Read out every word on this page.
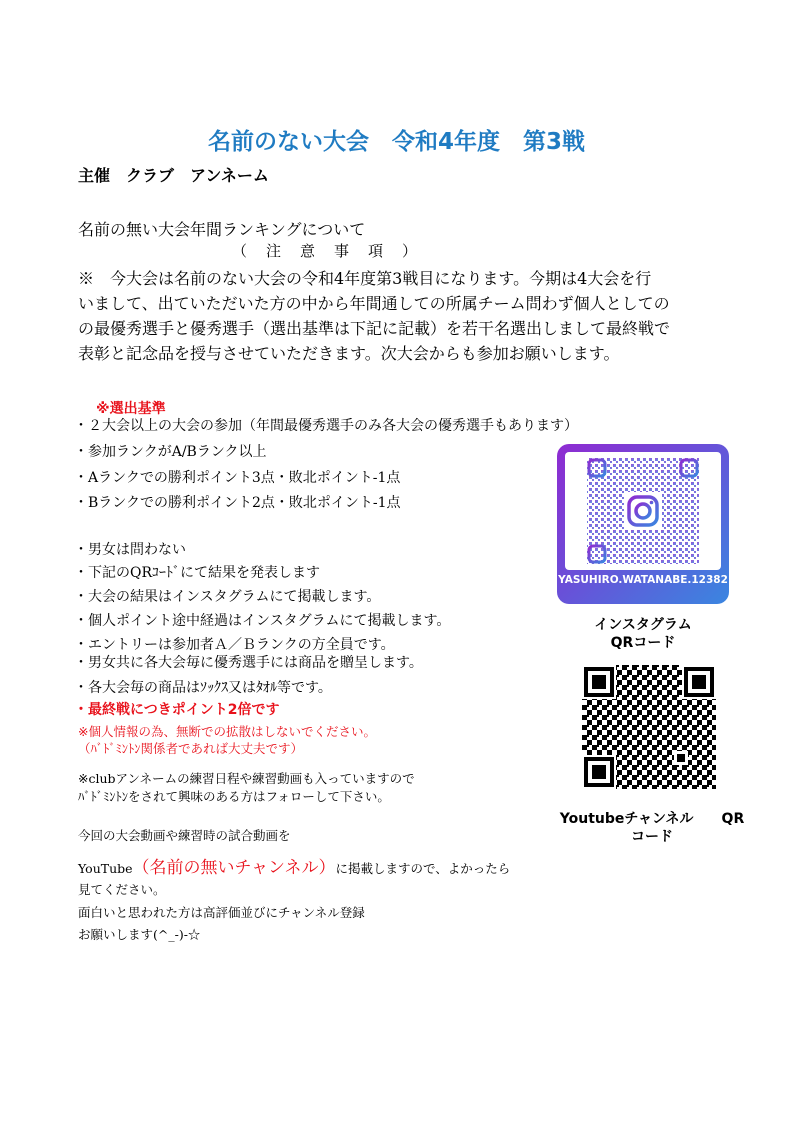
名前のない大会　令和4年度　第3戦
主催　クラブ　アンネーム
名前の無い大会年間ランキングについて
（　注　意　事　項　）
※　今大会は名前のない大会の令和4年度第3戦目になります。今期は4大会を行
いまして、出ていただいた方の中から年間通しての所属チーム問わず個人としての
の最優秀選手と優秀選手（選出基準は下記に記載）を若干名選出しまして最終戦で
表彰と記念品を授与させていただきます。次大会からも参加お願いします。
※選出基準
・２大会以上の大会の参加（年間最優秀選手のみ各大会の優秀選手もあります）
・参加ランクがA/Bランク以上
・Aランクでの勝利ポイント3点・敗北ポイント-1点
・Bランクでの勝利ポイント2点・敗北ポイント-1点
・男女は問わない
・下記のQRｺｰﾄﾞにて結果を発表します
・大会の結果はインスタグラムにて掲載します。
・個人ポイント途中経過はインスタグラムにて掲載します。
・エントリーは参加者Ａ／Ｂランクの方全員です。
・男女共に各大会毎に優秀選手には商品を贈呈します。
・各大会毎の商品はｿｯｸｽ又はﾀｵﾙ等です。
・最終戦につきポイント2倍です
※個人情報の為、無断での拡散はしないでください。
（ﾊﾞﾄﾞﾐﾝﾄﾝ関係者であれば大丈夫です）
※clubアンネームの練習日程や練習動画も入っていますので
ﾊﾞﾄﾞﾐﾝﾄﾝをされて興味のある方はフォローして下さい。
今回の大会動画や練習時の試合動画を
YouTube（名前の無いチャンネル）に掲載しますので、よかったら
見てください。
面白いと思われた方は高評価並びにチャンネル登録
お願いします(^_-)-☆
YASUHIRO.WATANABE.12382
インスタグラム
QRコード
Youtubeチャンネル　　QR
コード
